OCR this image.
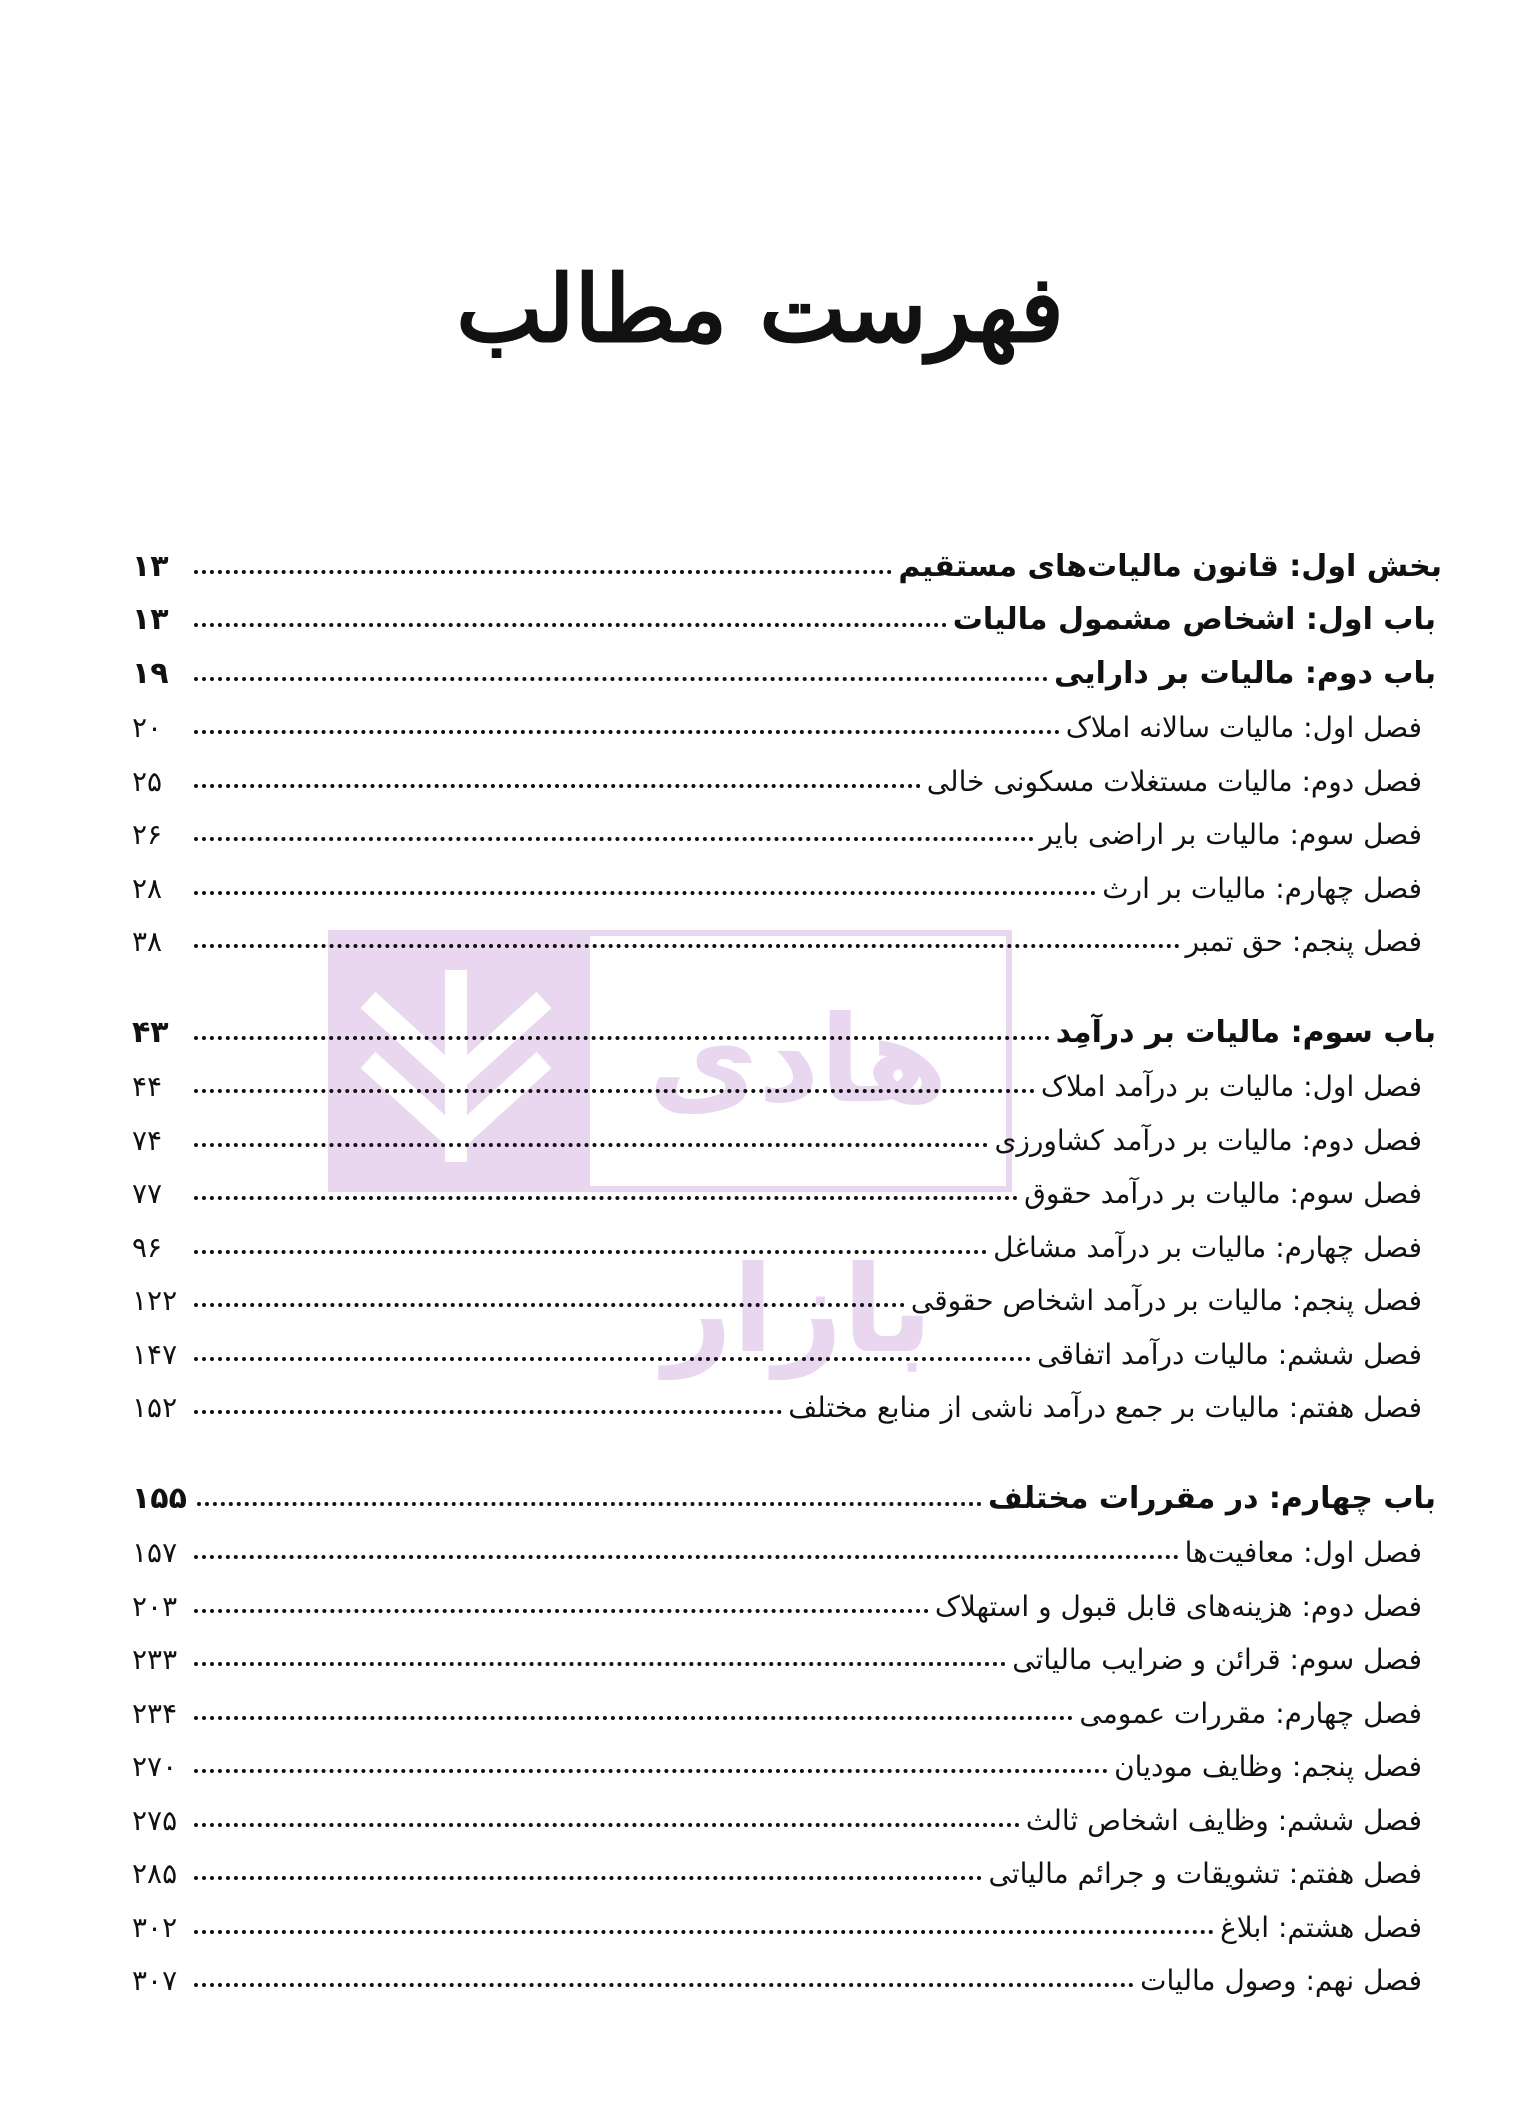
فهرست مطالب
هادی بازار
بخش اول: قانون مالیات‌های مستقیم
۱۳
باب اول: اشخاص مشمول مالیات
۱۳
باب دوم: مالیات بر دارایی
۱۹
فصل اول: مالیات سالانه املاک
۲۰
فصل دوم: مالیات مستغلات مسکونی خالی
۲۵
فصل سوم: مالیات بر اراضی بایر
۲۶
فصل چهارم: مالیات بر ارث
۲۸
فصل پنجم: حق تمبر
۳۸
باب سوم: مالیات بر درآمِد
۴۳
فصل اول: مالیات بر درآمد املاک
۴۴
فصل دوم: مالیات بر درآمد کشاورزی
۷۴
فصل سوم: مالیات بر درآمد حقوق
۷۷
فصل چهارم: مالیات بر درآمد مشاغل
۹۶
فصل پنجم: مالیات بر درآمد اشخاص حقوقی
۱۲۲
فصل ششم: مالیات درآمد اتفاقی
۱۴۷
فصل هفتم: مالیات بر جمع درآمد ناشی از منابع مختلف
۱۵۲
باب چهارم: در مقررات مختلف
۱۵۵
فصل اول: معافیت‌ها
۱۵۷
فصل دوم: هزینه‌های قابل قبول و استهلاک
۲۰۳
فصل سوم: قرائن و ضرایب مالیاتی
۲۳۳
فصل چهارم: مقررات عمومی
۲۳۴
فصل پنجم: وظایف مودیان
۲۷۰
فصل ششم: وظایف اشخاص ثالث
۲۷۵
فصل هفتم: تشویقات و جرائم مالیاتی
۲۸۵
فصل هشتم: ابلاغ
۳۰۲
فصل نهم: وصول مالیات
۳۰۷
